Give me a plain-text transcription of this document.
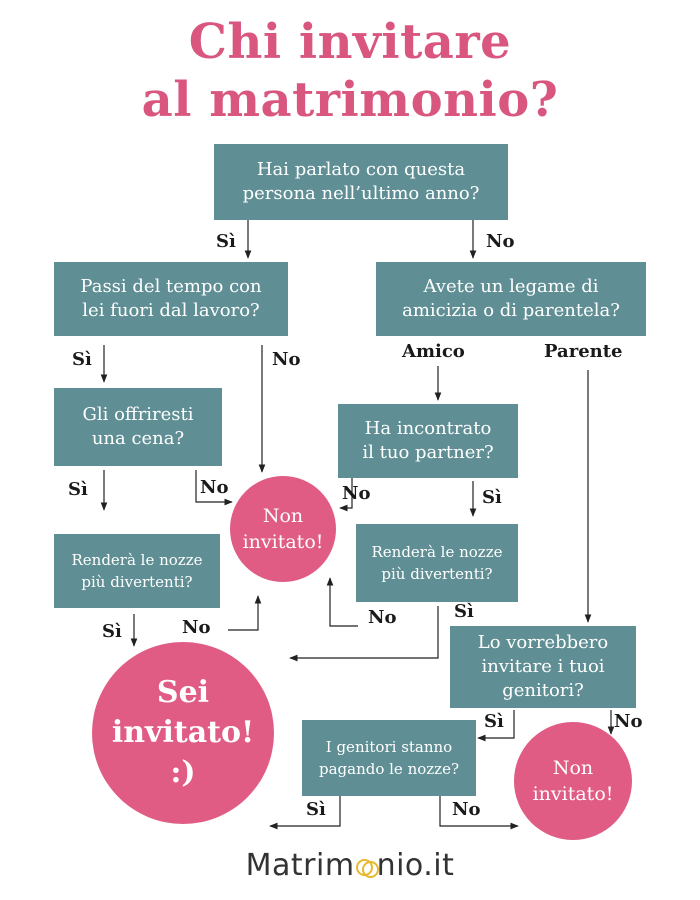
Chi invitare
al matrimonio?
Hai parlato con questa
persona nell’ultimo anno?
Passi del tempo con
lei fuori dal lavoro?
Gli offriresti
una cena?
Renderà le nozze
più divertenti?
Avete un legame di
amicizia o di parentela?
Ha incontrato
il tuo partner?
Renderà le nozze
più divertenti?
Lo vorrebbero
invitare i tuoi
genitori?
I genitori stanno
pagando le nozze?
Non
invitato!
Sei
invitato!
:)	Non
invitato!
Sì	No
Sì	No
Sì	No
Sì	No
Amico	Parente
No	Sì
Sì
No
Sì	No
Sì	No
Matrim nio.it
